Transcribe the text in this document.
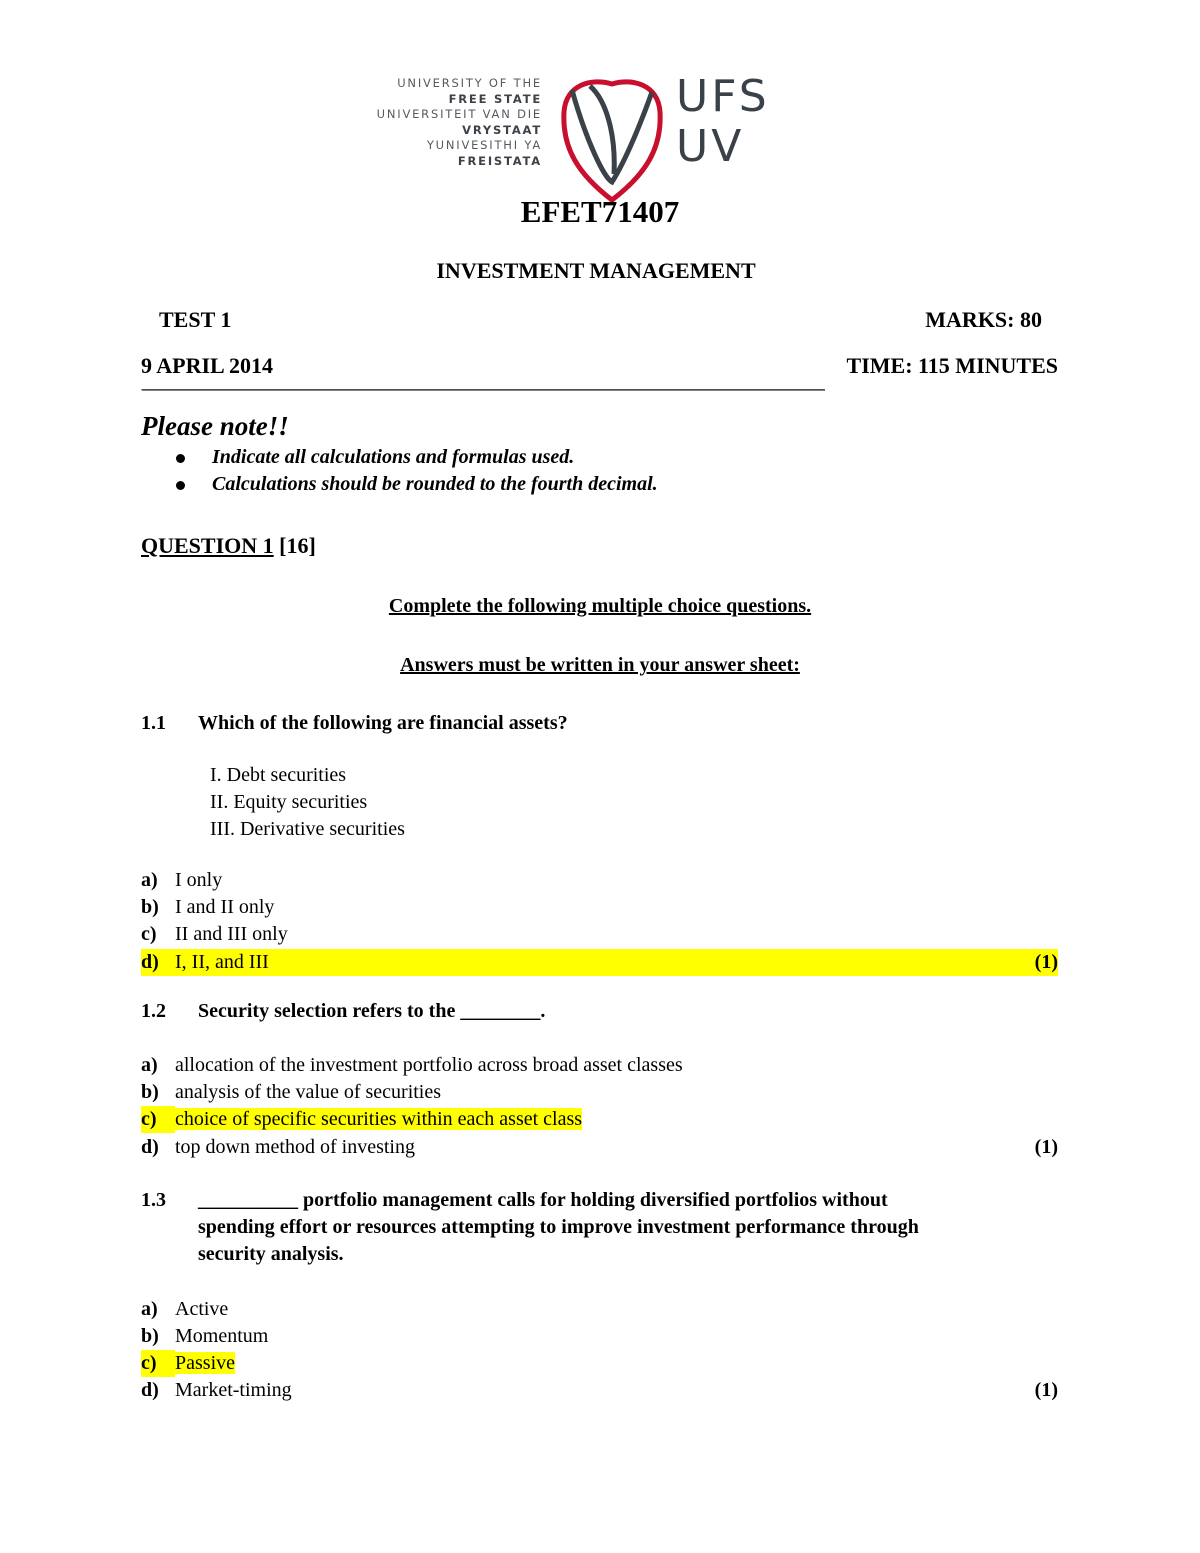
UNIVERSITY OF THE
FREE STATE
UNIVERSITEIT VAN DIE
VRYSTAAT
YUNIVESITHI YA
FREISTATA
UFS
UV
EFET71407
INVESTMENT MANAGEMENT
TEST 1	MARKS: 80
9 APRIL 2014	TIME: 115 MINUTES
------------------------------------------------------------------------------------------------------------------------------------------------------------------------------------------------------------------------
Please note!!
Indicate all calculations and formulas used.
Calculations should be rounded to the fourth decimal.
QUESTION 1 [16]
Complete the following multiple choice questions.
Answers must be written in your answer sheet:
1.1 Which of the following are financial assets?
I. Debt securities
II. Equity securities
III. Derivative securities
a) I only
b) I and II only
c) II and III only
d) I, II, and III	(1)
1.2 Security selection refers to the ________.
a) allocation of the investment portfolio across broad asset classes
b) analysis of the value of securities
c) choice of specific securities within each asset class
d) top down method of investing	(1)
1.3 __________ portfolio management calls for holding diversified portfolios without
spending effort or resources attempting to improve investment performance through
security analysis.
a) Active
b) Momentum
c) Passive
d) Market-timing	(1)
